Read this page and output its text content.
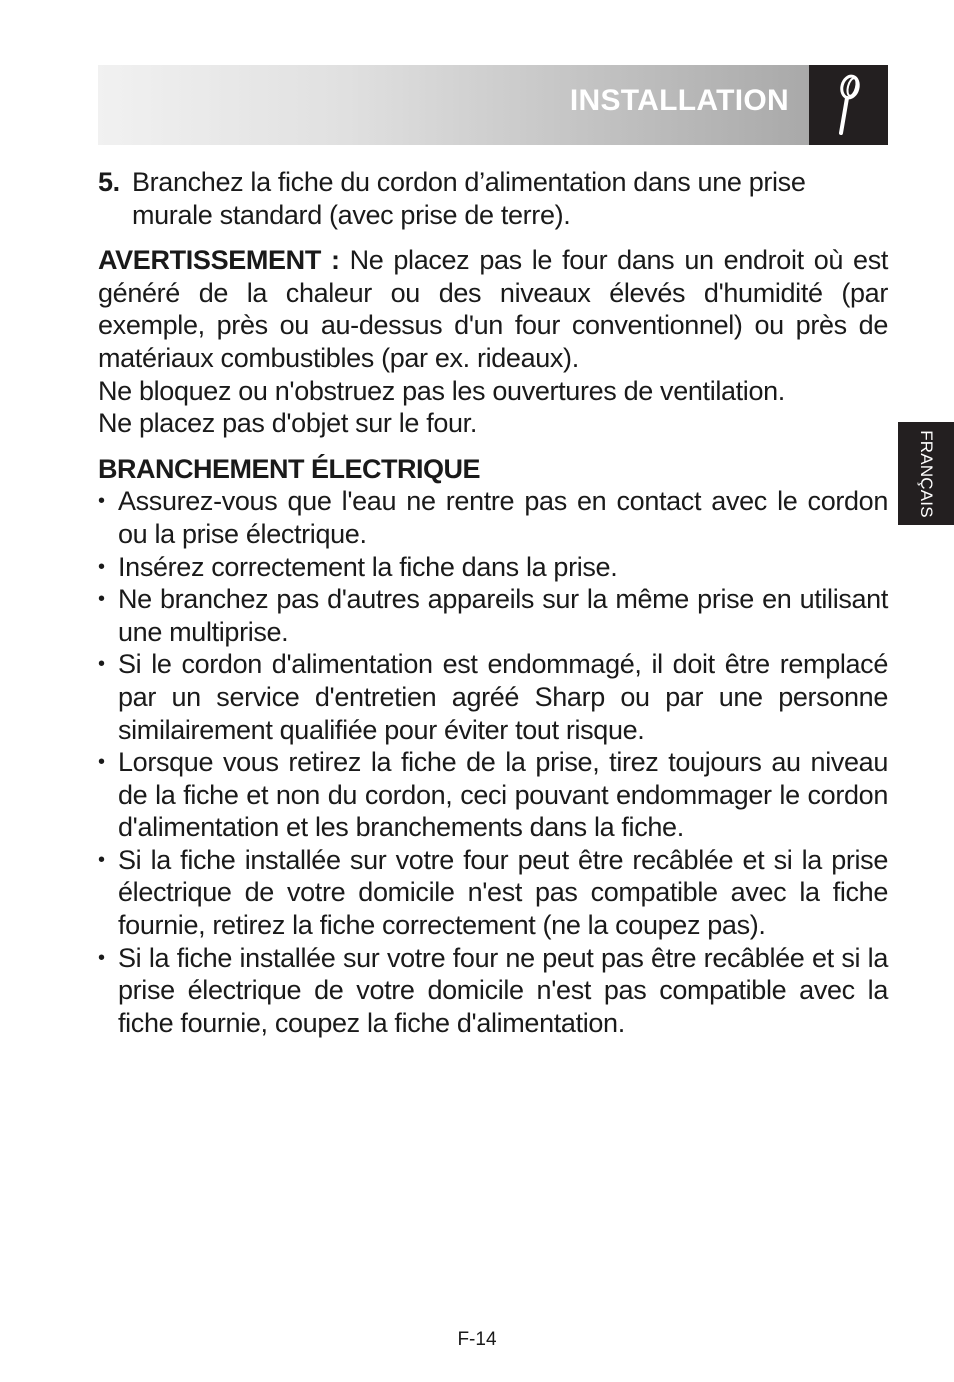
INSTALLATION
FRANÇAIS

5. Branchez la fiche du cordon d’alimentation dans une prise murale standard (avec prise de terre).

AVERTISSEMENT : Ne placez pas le four dans un endroit où est généré de la chaleur ou des niveaux élevés d'humidité (par exemple, près ou au-dessus d'un four conventionnel) ou près de matériaux combustibles (par ex. rideaux).
Ne bloquez ou n'obstruez pas les ouvertures de ventilation.
Ne placez pas d'objet sur le four.

BRANCHEMENT ÉLECTRIQUE

• Assurez-vous que l'eau ne rentre pas en contact avec le cordon ou la prise électrique.
• Insérez correctement la fiche dans la prise.
• Ne branchez pas d'autres appareils sur la même prise en utilisant une multiprise.
• Si le cordon d'alimentation est endommagé, il doit être remplacé par un service d'entretien agréé Sharp ou par une personne similairement qualifiée pour éviter tout risque.
• Lorsque vous retirez la fiche de la prise, tirez toujours au niveau de la fiche et non du cordon, ceci pouvant endommager le cordon d'alimentation et les branchements dans la fiche.
• Si la fiche installée sur votre four peut être recâblée et si la prise électrique de votre domicile n'est pas compatible avec la fiche fournie, retirez la fiche correctement (ne la coupez pas).
• Si la fiche installée sur votre four ne peut pas être recâblée et si la prise électrique de votre domicile n'est pas compatible avec la fiche fournie, coupez la fiche d'alimentation.
F-14
